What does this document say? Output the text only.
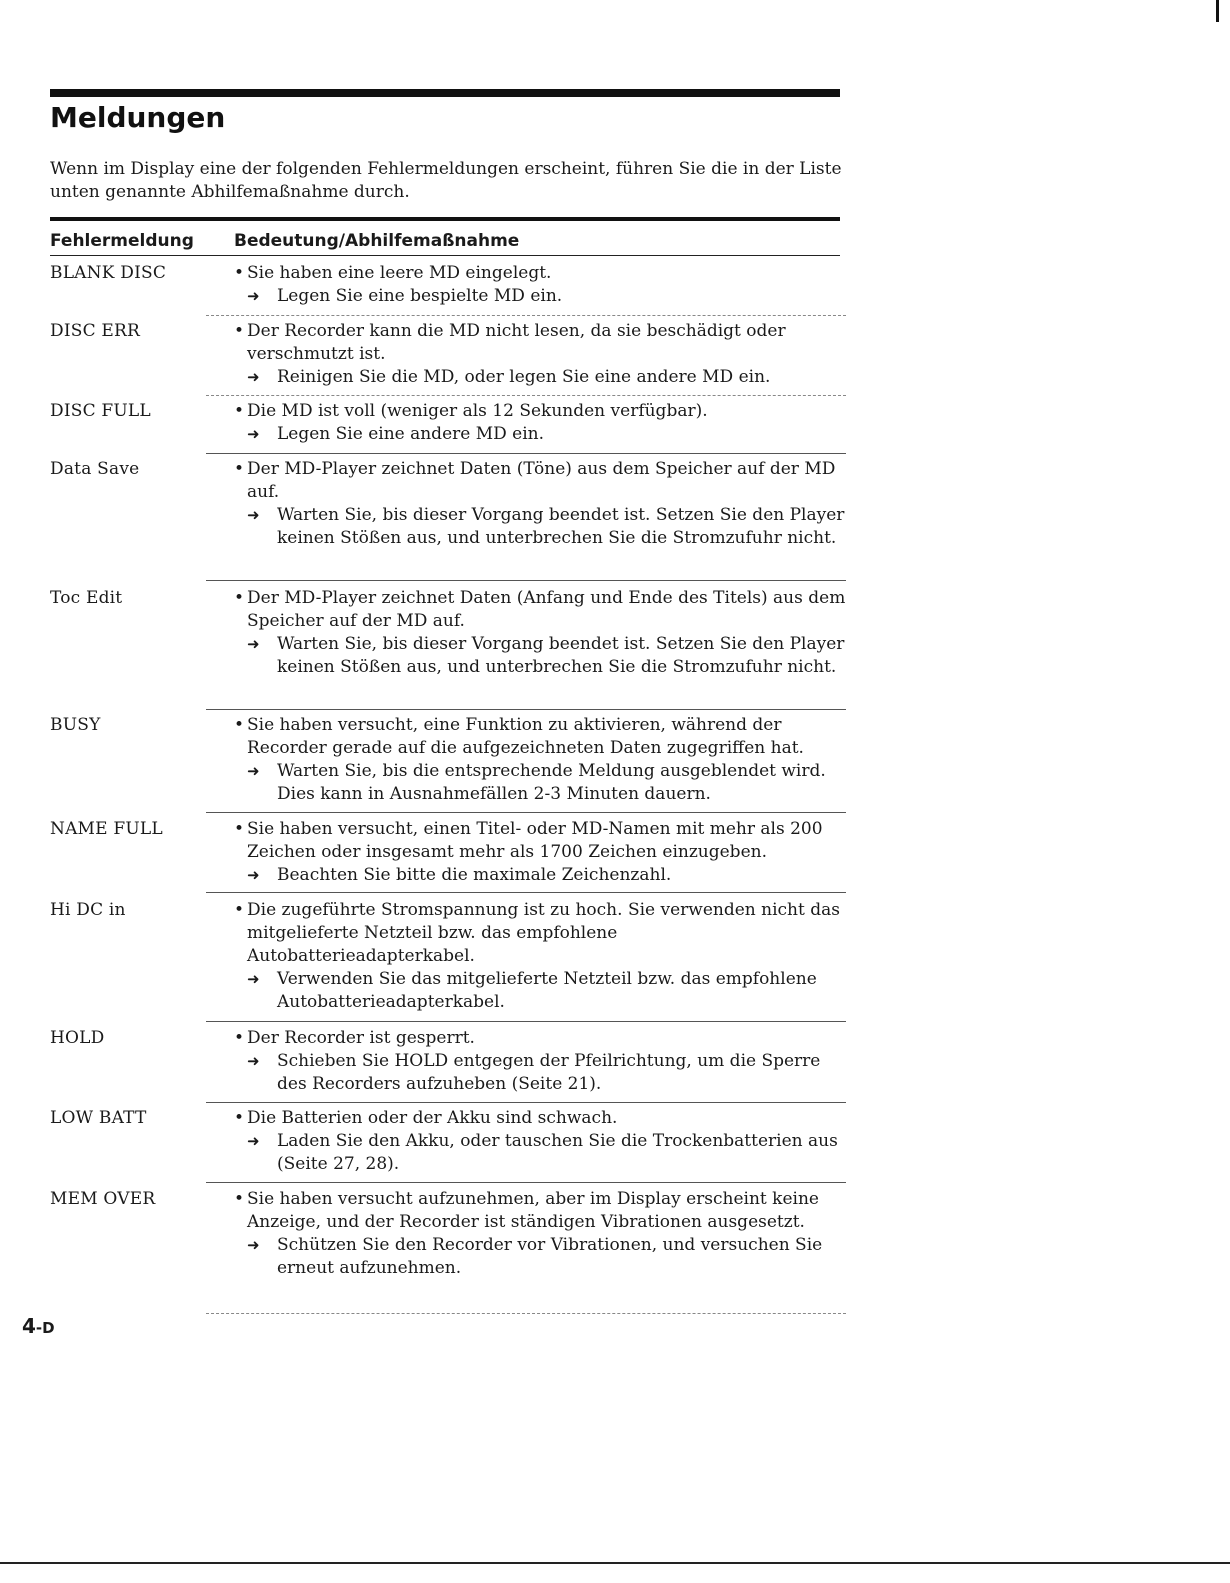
Meldungen

Wenn im Display eine der folgenden Fehlermeldungen erscheint, führen Sie die in der Liste unten genannte Abhilfemaßnahme durch.

Fehlermeldung Bedeutung/Abhilfemaßnahme
BLANK DISC	• Sie haben eine leere MD eingelegt.
➜ Legen Sie eine bespielte MD ein.
DISC ERR	• Der Recorder kann die MD nicht lesen, da sie beschädigt oder verschmutzt ist.
➜ Reinigen Sie die MD, oder legen Sie eine andere MD ein.
DISC FULL	• Die MD ist voll (weniger als 12 Sekunden verfügbar).
➜ Legen Sie eine andere MD ein.
Data Save	• Der MD-Player zeichnet Daten (Töne) aus dem Speicher auf der MD auf.
➜ Warten Sie, bis dieser Vorgang beendet ist. Setzen Sie den Player keinen Stößen aus, und unterbrechen Sie die Stromzufuhr nicht.
Toc Edit	• Der MD-Player zeichnet Daten (Anfang und Ende des Titels) aus dem Speicher auf der MD auf.
➜ Warten Sie, bis dieser Vorgang beendet ist. Setzen Sie den Player keinen Stößen aus, und unterbrechen Sie die Stromzufuhr nicht.
BUSY	• Sie haben versucht, eine Funktion zu aktivieren, während der Recorder gerade auf die aufgezeichneten Daten zugegriffen hat.
➜ Warten Sie, bis die entsprechende Meldung ausgeblendet wird. Dies kann in Ausnahmefällen 2-3 Minuten dauern.
NAME FULL	• Sie haben versucht, einen Titel- oder MD-Namen mit mehr als 200 Zeichen oder insgesamt mehr als 1700 Zeichen einzugeben.
➜ Beachten Sie bitte die maximale Zeichenzahl.
Hi DC in	• Die zugeführte Stromspannung ist zu hoch. Sie verwenden nicht das mitgelieferte Netzteil bzw. das empfohlene Autobatterieadapterkabel.
➜ Verwenden Sie das mitgelieferte Netzteil bzw. das empfohlene Autobatterieadapterkabel.
HOLD	• Der Recorder ist gesperrt.
➜ Schieben Sie HOLD entgegen der Pfeilrichtung, um die Sperre des Recorders aufzuheben (Seite 21).
LOW BATT	• Die Batterien oder der Akku sind schwach.
➜ Laden Sie den Akku, oder tauschen Sie die Trockenbatterien aus (Seite 27, 28).
MEM OVER	• Sie haben versucht aufzunehmen, aber im Display erscheint keine Anzeige, und der Recorder ist ständigen Vibrationen ausgesetzt.
➜ Schützen Sie den Recorder vor Vibrationen, und versuchen Sie erneut aufzunehmen.
4-D
